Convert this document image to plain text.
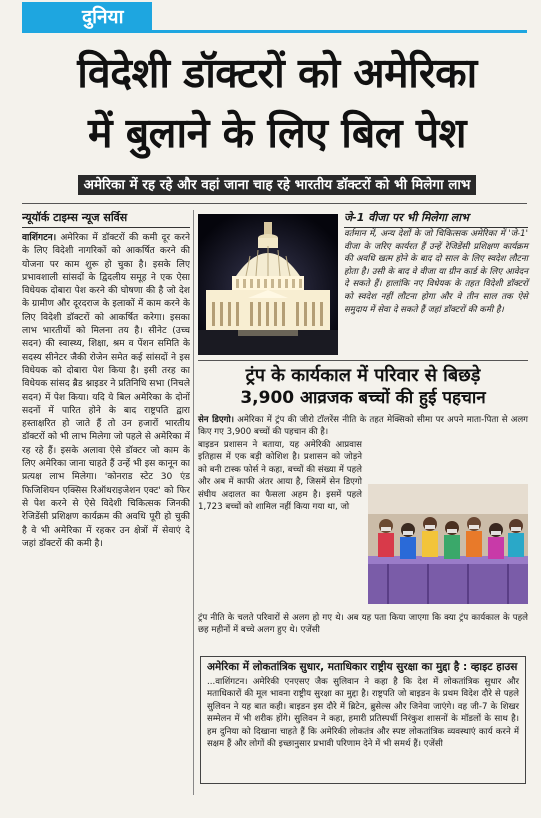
दुनिया
विदेशी डॉक्टरों को अमेरिका
में बुलाने के लिए बिल पेश
अमेरिका में रह रहे और वहां जाना चाह रहे भारतीय डॉक्टरों को भी मिलेगा लाभ
न्यूयॉर्क टाइम्स न्यूज सर्विस

वाशिंगटन। अमेरिका में डॉक्टरों की कमी दूर करने के लिए विदेशी नागरिकों को आकर्षित करने की योजना पर काम शुरू हो चुका है। इसके लिए प्रभावशाली सांसदों के द्विदलीय समूह ने एक ऐसा विधेयक दोबारा पेश करने की घोषणा की है जो देश के ग्रामीण और दूरदराज के इलाकों में काम करने के लिए विदेशी डॉक्टरों को आकर्षित करेगा। इसका लाभ भारतीयों को मिलना तय है। सीनेट (उच्च सदन) की स्वास्थ्य, शिक्षा, श्रम व पेंशन समिति के सदस्य सीनेटर जैकी रोजेन समेत कई सांसदों ने इस विधेयक को दोबारा पेश किया है। इसी तरह का विधेयक सांसद ब्रैड श्नाइडर ने प्रतिनिधि सभा (निचले सदन) में पेश किया। यदि ये बिल अमेरिका के दोनों सदनों में पारित होने के बाद राष्ट्रपति द्वारा हस्ताक्षरित हो जाते हैं तो उन हजारों भारतीय डॉक्टरों को भी लाभ मिलेगा जो पहले से अमेरिका में रह रहे हैं। इसके अलावा ऐसे डॉक्टर जो काम के लिए अमेरिका जाना चाहते हैं उन्हें भी इस कानून का प्रत्यक्ष लाभ मिलेगा। 'कोनराड स्टेट 30 एंड फिजिशियन एक्सिस रिऑथराइजेशन एक्ट' को फिर से पेश करने से ऐसे विदेशी चिकित्सक जिनकी रेजिडेंसी प्रशिक्षण कार्यक्रम की अवधि पूरी हो चुकी है वे भी अमेरिका में रहकर उन क्षेत्रों में सेवाएं दे जहां डॉक्टरों की कमी है।

जे-1 वीजा पर भी मिलेगा लाभ

वर्तमान में, अन्य देशों के जो चिकित्सक अमेरिका में 'जे-1' वीजा के जरिए कार्यरत हैं उन्हें रेजिडेंसी प्रशिक्षण कार्यक्रम की अवधि खत्म होने के बाद दो साल के लिए स्वदेश लौटना होता है। उसी के बाद वे वीजा या ग्रीन कार्ड के लिए आवेदन दे सकते हैं। हालांकि नए विधेयक के तहत विदेशी डॉक्टरों को स्वदेश नहीं लौटना होगा और वे तीन साल तक ऐसे समुदाय में सेवा दे सकते हैं जहां डॉक्टरों की कमी है।

ट्रंप के कार्यकाल में परिवार से बिछड़े
3,900 आव्रजक बच्चों की हुई पहचान

सेन डिएगो। अमेरिका में ट्रंप की जीरो टॉलरेंस नीति के तहत मेक्सिको सीमा पर अपने माता-पिता से अलग किए गए 3,900 बच्चों की पहचान की है।

बाइडन प्रशासन ने बताया, यह अमेरिकी आप्रवास इतिहास में एक बड़ी कोशिश है। प्रशासन को जोड़ने को बनी टास्क फोर्स ने कहा, बच्चों की संख्या में पहले और अब में काफी अंतर आया है, जिसमें सेन डिएगो संघीय अदालत का फैसला अहम है। इसमें पहले 1,723 बच्चों को शामिल नहीं किया गया था, जो

ट्रंप नीति के चलते परिवारों से अलग हो गए थे। अब यह पता किया जाएगा कि क्या ट्रंप कार्यकाल के पहले छह महीनों में बच्चे अलग हुए थे। एजेंसी

अमेरिका में लोकतांत्रिक सुधार, मताधिकार राष्ट्रीय सुरक्षा का मुद्दा है : व्हाइट हाउस

...वाशिंगटन। अमेरिकी एनएसए जैक सुलिवान ने कहा है कि देश में लोकतांत्रिक सुधार और मताधिकारों की मूल भावना राष्ट्रीय सुरक्षा का मुद्दा है। राष्ट्रपति जो बाइडन के प्रथम विदेश दौरे से पहले सुलिवन ने यह बात कही। बाइडन इस दौरे में ब्रिटेन, ब्रुसेल्स और जिनेवा जाएंगे। वह जी-7 के शिखर सम्मेलन में भी शरीक होंगे। सुलिवन ने कहा, हमारी प्रतिस्पर्धी निरंकुश शासनों के मॉडलों के साथ है। हम दुनिया को दिखाना चाहते हैं कि अमेरिकी लोकतंत्र और स्पष्ट लोकतांत्रिक व्यवस्थाएं कार्य करने में सक्षम हैं और लोगों की इच्छानुसार प्रभावी परिणाम देने में भी समर्थ हैं। एजेंसी
